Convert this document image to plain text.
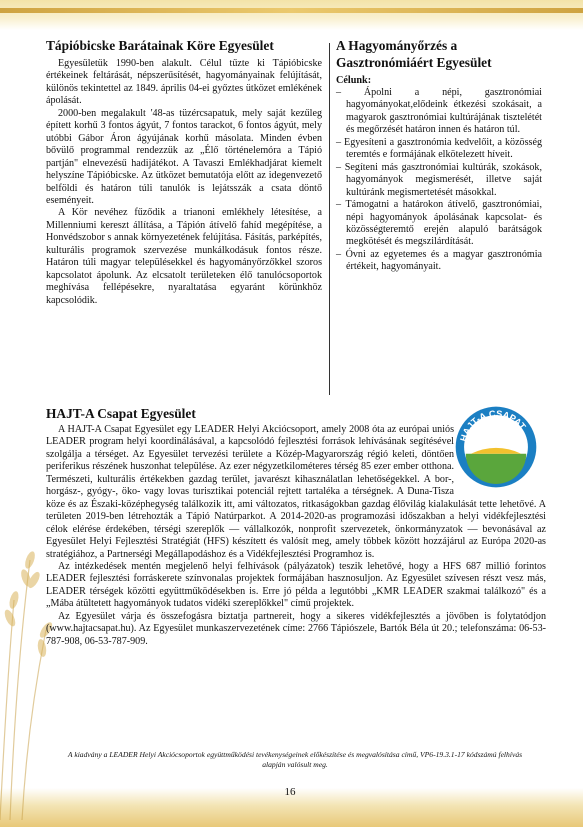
Tápióbicske Barátainak Köre Egyesület

Egyesületük 1990-ben alakult. Célul tűzte ki Tápióbicske értékeinek feltárását, népszerűsítését, hagyományainak felújítását, különös tekintettel az 1849. április 04-ei győztes ütközet emlékének ápolását.

2000-ben megalakult '48-as tüzércsapatuk, mely saját kezűleg épített korhű 3 fontos ágyút, 7 fontos tarackot, 6 fontos ágyút, mely utóbbi Gábor Áron ágyújának korhű másolata. Minden évben bővülő programmal rendezzük az „Élő történelemóra a Tápió partján" elnevezésű hadijátékot. A Tavaszi Emlékhadjárat kiemelt helyszíne Tápióbicske. Az ütközet bemutatója előtt az idegenvezető belföldi és határon túli tanulók is lejátsszák a csata döntő eseményeit.

A Kör nevéhez fűződik a trianoni emlékhely létesítése, a Millenniumi kereszt állítása, a Tápión átívelő fahíd megépítése, a Honvédszobor s annak környezetének felújítása. Fásítás, parképítés, kulturális programok szervezése munkálkodásuk fontos része. Határon túli magyar településekkel és hagyományőrzőkkel szoros kapcsolatot ápolunk. Az elcsatolt területeken élő tanulócsoportok meghívása fellépésekre, nyaraltatása egyaránt körünkhöz kapcsolódik.

A Hagyományőrzés a Gasztronómiáért Egyesület
Célunk:
– Ápolni a népi, gasztronómiai hagyományokat,elődeink étkezési szokásait, a magyarok gasztronómiai kultúrájának tisztelétét és megőrzését határon innen és határon túl.
– Egyesíteni a gasztronómia kedvelőit, a közösség teremtés e formájának elkötelezett híveit.
– Segíteni más gasztronómiai kultúrák, szokások, hagyományok megismerését, illetve saját kultúránk megismertetését másokkal.
– Támogatni a határokon átívelő, gasztronómiai, népi hagyományok ápolásának kapcsolat- és közösségteremtő erején alapuló barátságok megkötését és megszilárdítását.
– Óvni az egyetemes és a magyar gasztronómia értékeit, hagyományait.
HAJT-A CSAPAT
HAJT-A Csapat Egyesület

A HAJT-A Csapat Egyesület egy LEADER Helyi Akciócsoport, amely 2008 óta az európai uniós LEADER program helyi koordinálásával, a kapcsolódó fejlesztési források lehívásának segítésével szolgálja a térséget. Az Egyesület tervezési területe a Közép-Magyarország régió keleti, döntően periferikus részének huszonhat települése. Az ezer négyzetkilométeres térség 85 ezer ember otthona. Természeti, kulturális értékekben gazdag terület, javarészt kihasználatlan lehetőségekkel. A bor-, horgász-, gyógy-, öko- vagy lovas turisztikai potenciál rejtett tartaléka a térségnek. A Duna-Tisza köze és az Északi-középhegység találkozik itt, ami változatos, ritkaságokban gazdag élővilág kialakulását tette lehetővé. A területen 2019-ben létrehozták a Tápió Natúrparkot. A 2014-2020-as programozási időszakban a helyi vidékfejlesztési célok elérése érdekében, térségi szereplők — vállalkozók, nonprofit szervezetek, önkormányzatok — bevonásával az Egyesület Helyi Fejlesztési Stratégiát (HFS) készített és valósít meg, amely többek között hozzájárul az Európa 2020-as stratégiához, a Partnerségi Megállapodáshoz és a Vidékfejlesztési Programhoz is.

Az intézkedések mentén megjelenő helyi felhívások (pályázatok) teszik lehetővé, hogy a HFS 687 millió forintos LEADER fejlesztési forráskerete színvonalas projektek formájában hasznosuljon. Az Egyesület szívesen részt vesz más, LEADER térségek közötti együttműködésekben is. Erre jó példa a legutóbbi „KMR LEADER szakmai találkozó" és a „Mába átültetett hagyományok tudatos vidéki szereplőkkel" című projektek.

Az Egyesület várja és összefogásra biztatja partnereit, hogy a sikeres vidékfejlesztés a jövőben is folytatódjon (www.hajtacsapat.hu). Az Egyesület munkaszervezetének címe: 2766 Tápiószele, Bartók Béla út 20.; telefonszáma: 06-53-787-908, 06-53-787-909.

A kiadvány a LEADER Helyi Akciócsoportok együttműködési tevékenységeinek előkészítése és megvalósítása című, VP6-19.3.1-17 kódszámú felhívás alapján valósult meg.
16
